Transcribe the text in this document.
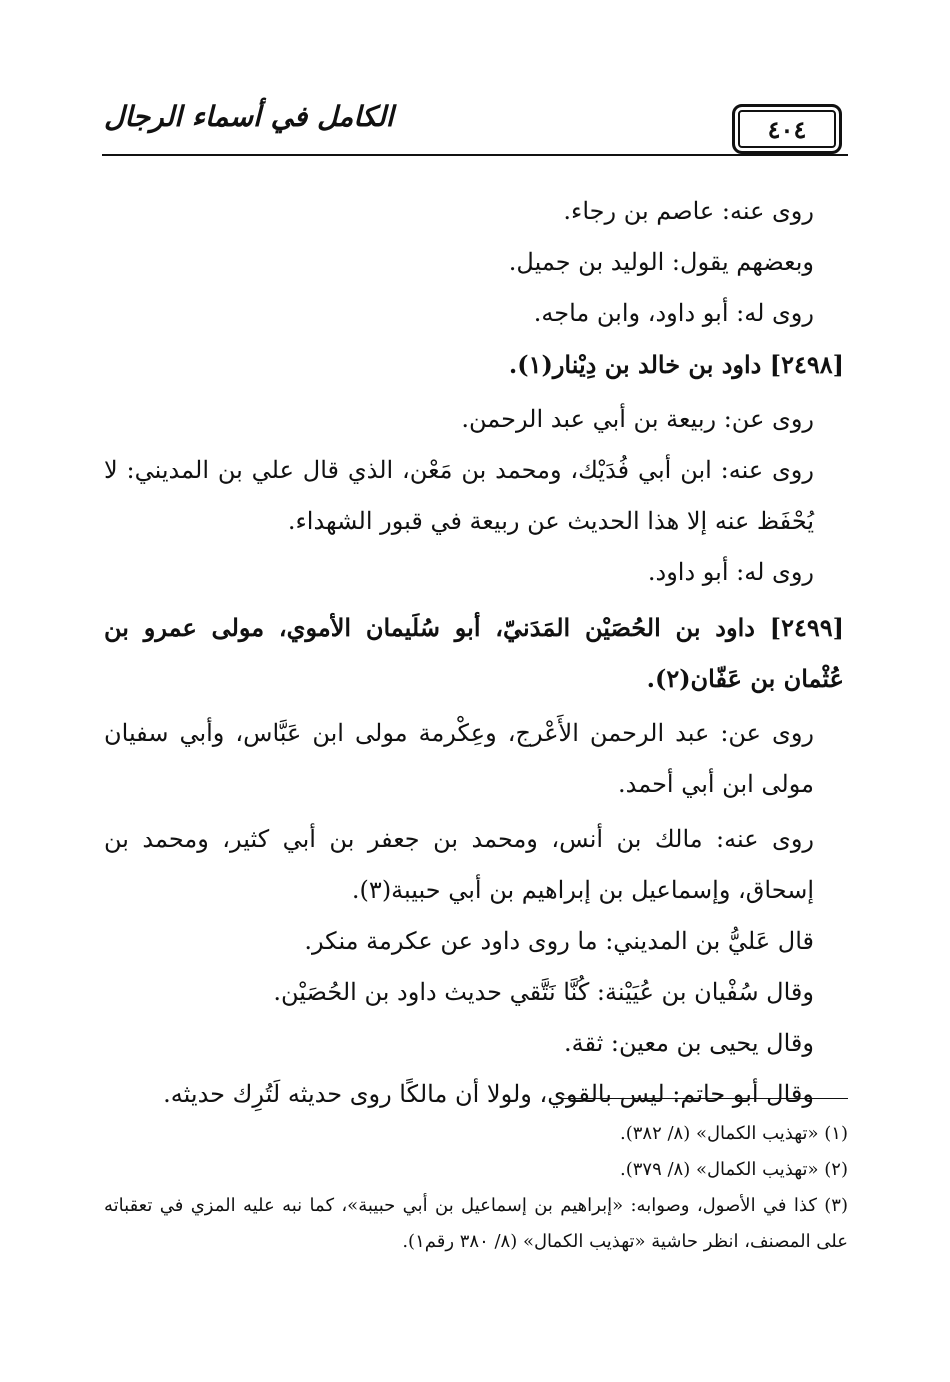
الكامل في أسماء الرجال	٤٠٤

روى عنه: عاصم بن رجاء.

وبعضهم يقول: الوليد بن جميل.

روى له: أبو داود، وابن ماجه.

[٢٤٩٨] داود بن خالد بن دِيْنار(١).

روى عن: ربيعة بن أبي عبد الرحمن.

روى عنه: ابن أبي فُدَيْك، ومحمد بن مَعْن، الذي قال علي بن المديني: لا يُحْفَظ عنه إلا هذا الحديث عن ربيعة في قبور الشهداء.

روى له: أبو داود.

[٢٤٩٩] داود بن الحُصَيْن المَدَنيّ، أبو سُلَيمان الأموي، مولى عمرو بن عُثْمان بن عَفّان(٢).

روى عن: عبد الرحمن الأَعْرج، وعِكْرمة مولى ابن عَبَّاس، وأبي سفيان مولى ابن أبي أحمد.

روى عنه: مالك بن أنس، ومحمد بن جعفر بن أبي كثير، ومحمد بن إسحاق، وإسماعيل بن إبراهيم بن أبي حبيبة(٣).

قال عَليُّ بن المديني: ما روى داود عن عكرمة منكر.

وقال سُفْيان بن عُيَيْنة: كُنَّا نَتَّقي حديث داود بن الحُصَيْن.

وقال يحيى بن معين: ثقة.

وقال أبو حاتم: ليس بالقوي، ولولا أن مالكًا روى حديثه لَتُرِك حديثه.

(١) «تهذيب الكمال» (٨/ ٣٨٢).

(٢) «تهذيب الكمال» (٨/ ٣٧٩).

(٣) كذا في الأصول، وصوابه: «إبراهيم بن إسماعيل بن أبي حبيبة»، كما نبه عليه المزي في تعقباته على المصنف، انظر حاشية «تهذيب الكمال» (٨/ ٣٨٠ رقم١).
